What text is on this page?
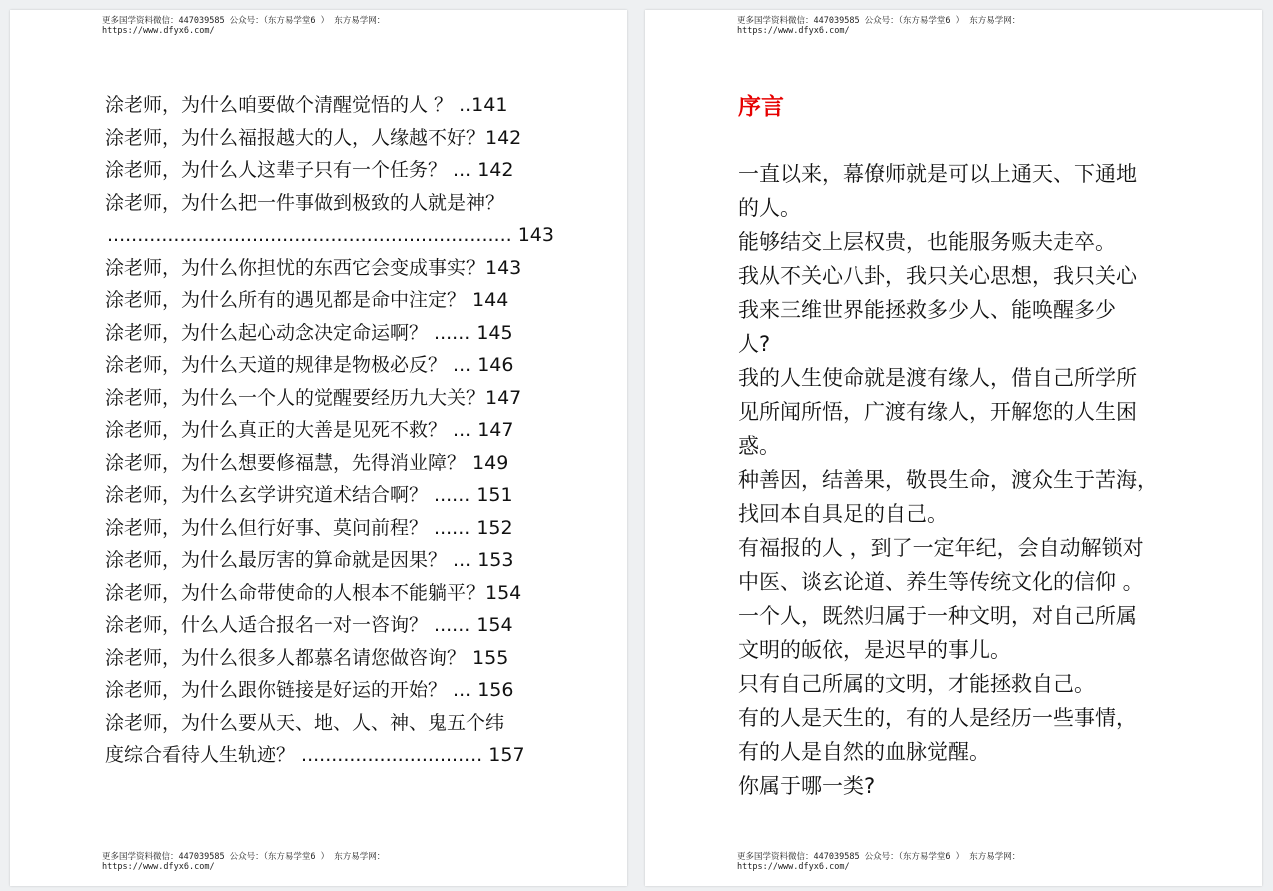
更多国学资料微信：447039585 公众号：（东方易学堂6 ） 东方易学网：
https://www.dfyx6.com/
涂老师，为什么咱要做个清醒觉悟的人 ？ ..141
涂老师，为什么福报越大的人，人缘越不好？142
涂老师，为什么人这辈子只有一个任务？ ... 142
涂老师，为什么把一件事做到极致的人就是神？
................................................................... 143
涂老师，为什么你担忧的东西它会变成事实？143
涂老师，为什么所有的遇见都是命中注定？ 144
涂老师，为什么起心动念决定命运啊？ ...... 145
涂老师，为什么天道的规律是物极必反？ ... 146
涂老师，为什么一个人的觉醒要经历九大关？147
涂老师，为什么真正的大善是见死不救？ ... 147
涂老师，为什么想要修福慧，先得消业障？ 149
涂老师，为什么玄学讲究道术结合啊？ ...... 151
涂老师，为什么但行好事、莫问前程？ ...... 152
涂老师，为什么最厉害的算命就是因果？ ... 153
涂老师，为什么命带使命的人根本不能躺平？154
涂老师，什么人适合报名一对一咨询？ ...... 154
涂老师，为什么很多人都慕名请您做咨询？ 155
涂老师，为什么跟你链接是好运的开始？ ... 156
涂老师，为什么要从天、地、人、神、鬼五个纬
度综合看待人生轨迹？ .............................. 157
更多国学资料微信：447039585 公众号：（东方易学堂6 ） 东方易学网：
https://www.dfyx6.com/
更多国学资料微信：447039585 公众号：（东方易学堂6 ） 东方易学网：
https://www.dfyx6.com/
序言
一直以来，幕僚师就是可以上通天、下通地
的人。
能够结交上层权贵，也能服务贩夫走卒。
我从不关心八卦，我只关心思想，我只关心
我来三维世界能拯救多少人、能唤醒多少
人?
我的人生使命就是渡有缘人，借自己所学所
见所闻所悟，广渡有缘人，开解您的人生困
惑。
种善因，结善果，敬畏生命，渡众生于苦海，
找回本自具足的自己。
有福报的人 ，到了一定年纪，会自动解锁对
中医、谈玄论道、养生等传统文化的信仰 。
一个人，既然归属于一种文明，对自己所属
文明的皈依，是迟早的事儿。
只有自己所属的文明，才能拯救自己。
有的人是天生的，有的人是经历一些事情，
有的人是自然的血脉觉醒。
你属于哪一类?
更多国学资料微信：447039585 公众号：（东方易学堂6 ） 东方易学网：
https://www.dfyx6.com/
